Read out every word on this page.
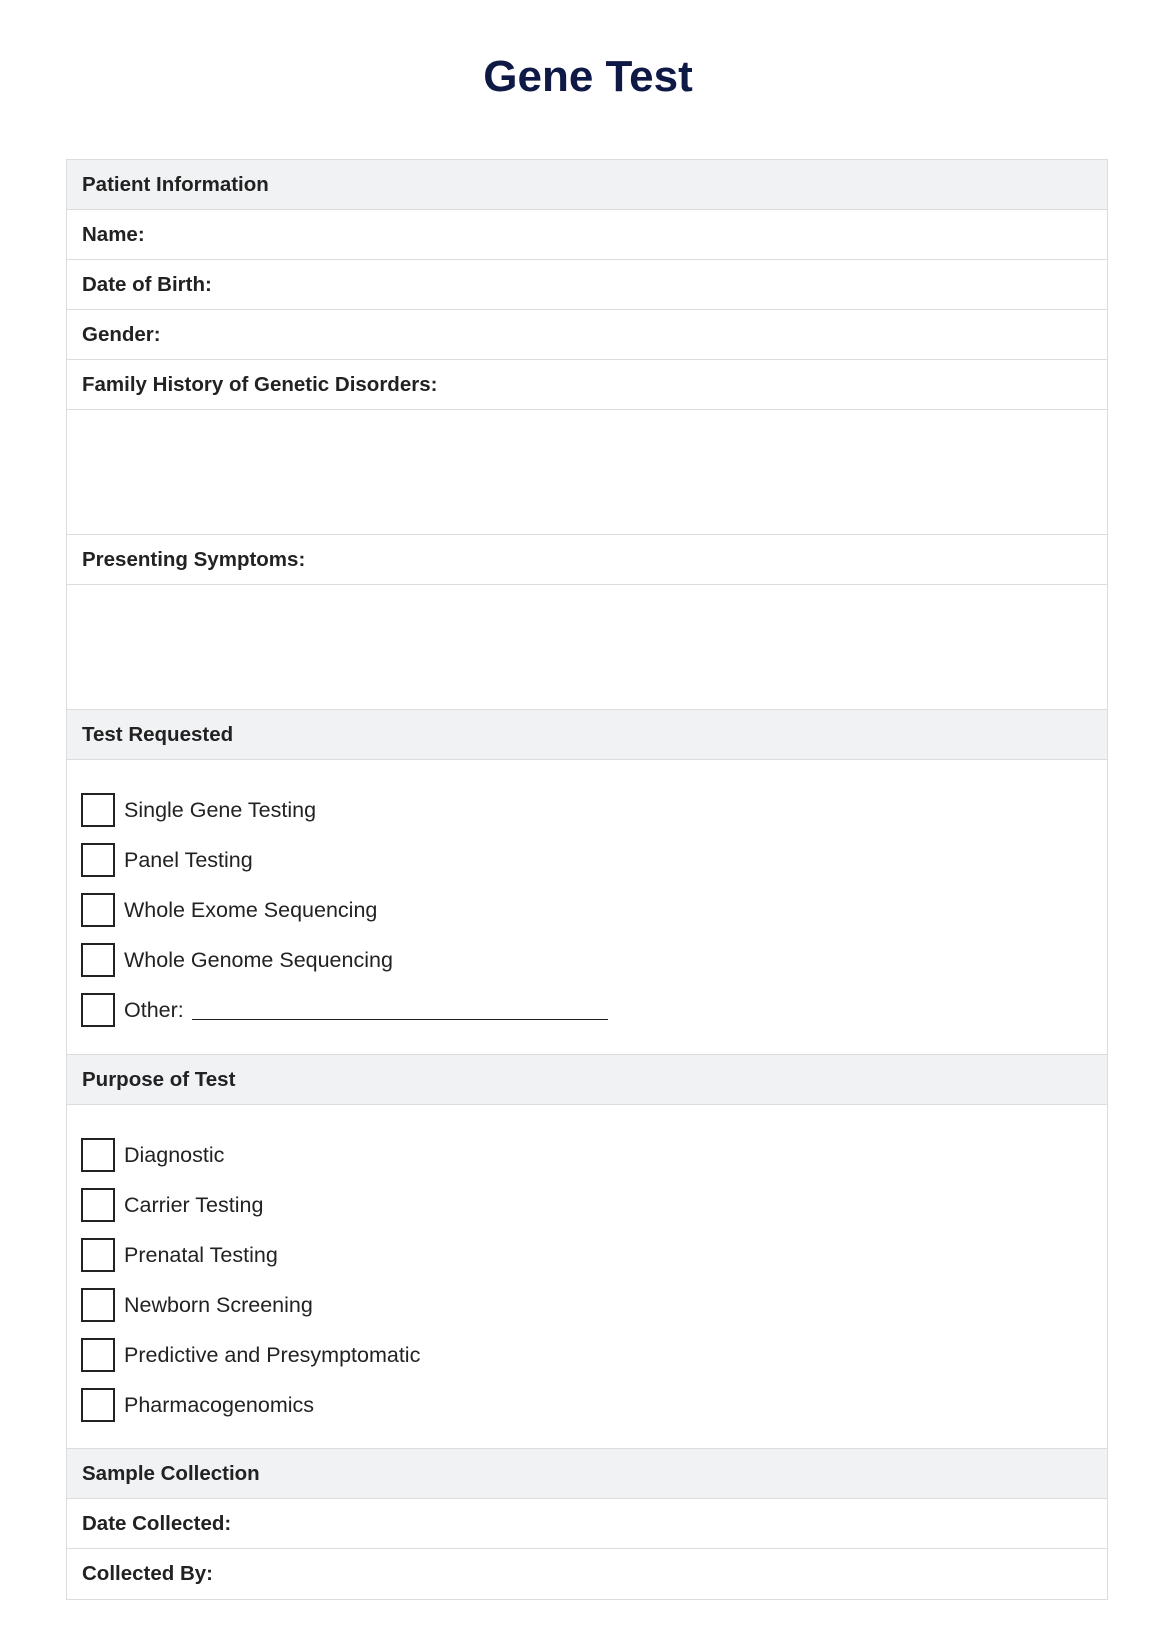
Gene Test
Patient Information
Name:
Date of Birth:
Gender:
Family History of Genetic Disorders:
Presenting Symptoms:
Test Requested
Single Gene Testing
Panel Testing
Whole Exome Sequencing
Whole Genome Sequencing
Other:
Purpose of Test
Diagnostic
Carrier Testing
Prenatal Testing
Newborn Screening
Predictive and Presymptomatic
Pharmacogenomics
Sample Collection
Date Collected:
Collected By:
